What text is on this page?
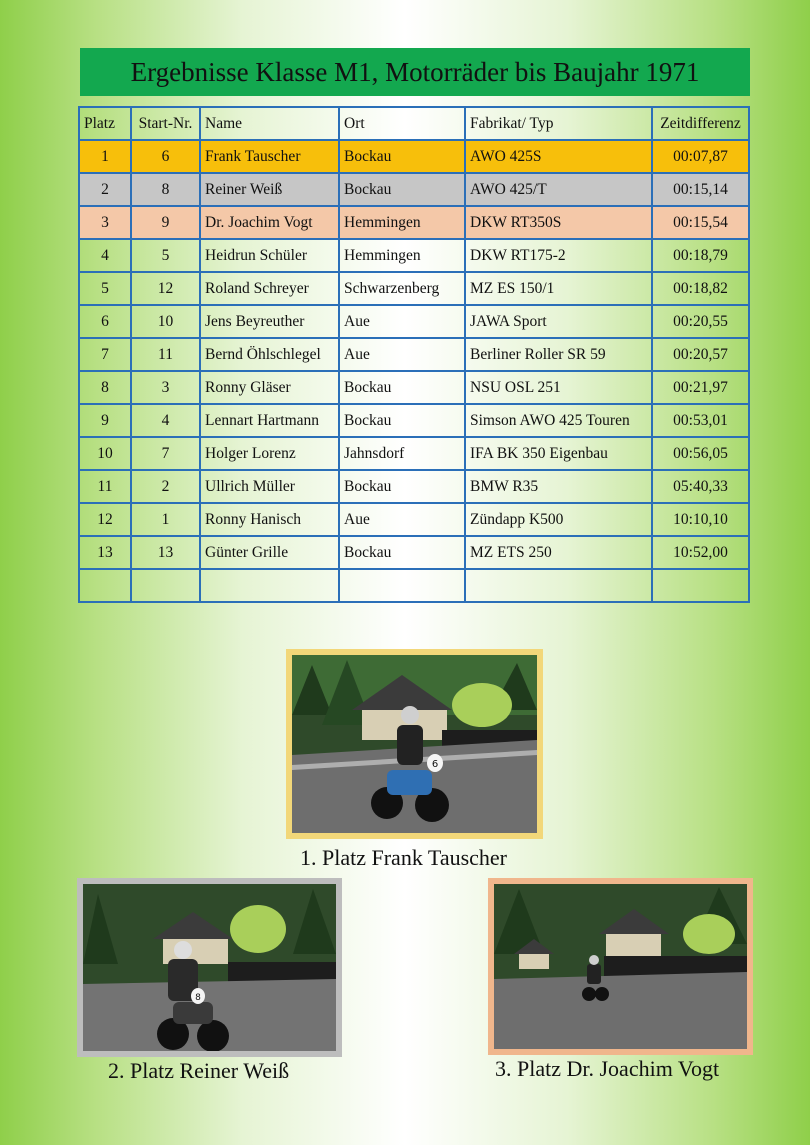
Ergebnisse Klasse M1, Motorräder bis Baujahr 1971
Platz	Start-Nr.	Name	Ort	Fabrikat/ Typ	Zeitdifferenz
1	6	Frank Tauscher	Bockau	AWO 425S	00:07,87
2	8	Reiner Weiß	Bockau	AWO 425/T	00:15,14
3	9	Dr. Joachim Vogt	Hemmingen	DKW RT350S	00:15,54
4	5	Heidrun Schüler	Hemmingen	DKW RT175-2	00:18,79
5	12	Roland Schreyer	Schwarzenberg	MZ ES 150/1	00:18,82
6	10	Jens Beyreuther	Aue	JAWA Sport	00:20,55
7	11	Bernd Öhlschlegel	Aue	Berliner Roller SR 59	00:20,57
8	3	Ronny Gläser	Bockau	NSU OSL 251	00:21,97
9	4	Lennart Hartmann	Bockau	Simson AWO 425 Touren	00:53,01
10	7	Holger Lorenz	Jahnsdorf	IFA BK 350 Eigenbau	00:56,05
11	2	Ullrich Müller	Bockau	BMW R35	05:40,33
12	1	Ronny Hanisch	Aue	Zündapp K500	10:10,10
13	13	Günter Grille	Bockau	MZ ETS 250	10:52,00

6
1. Platz Frank Tauscher
8
2. Platz Reiner Weiß	3. Platz Dr. Joachim Vogt
